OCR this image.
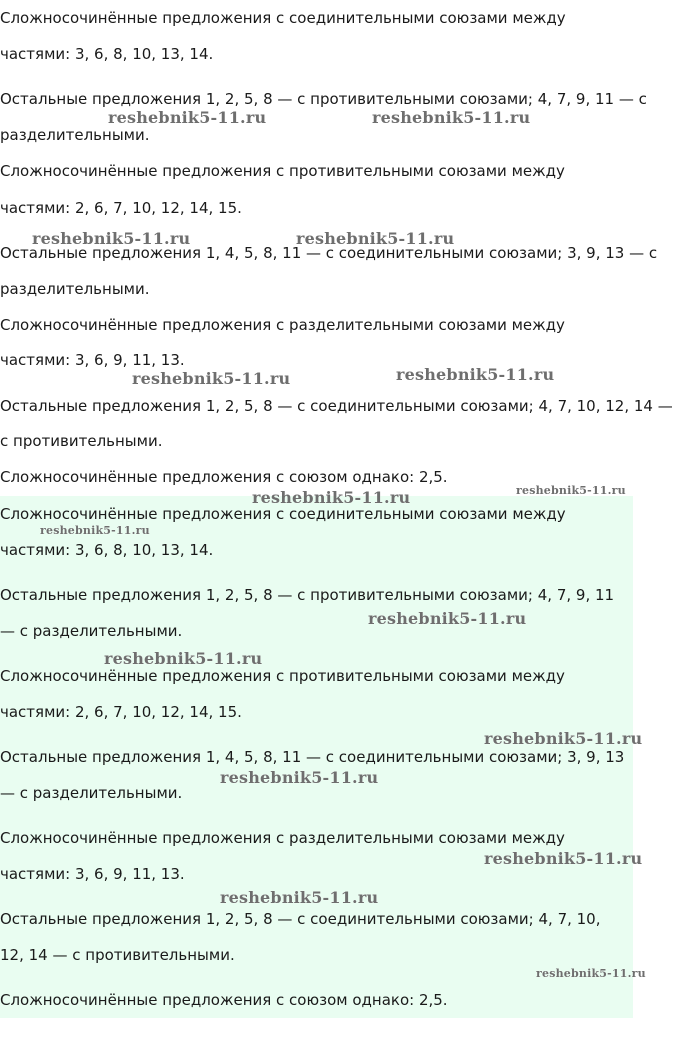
Сложносочинённые предложения с соединительными союзами между
частями: 3, 6, 8, 10, 13, 14.
Остальные предложения 1, 2, 5, 8 — с противительными союзами; 4, 7, 9, 11 — с
разделительными.
Сложносочинённые предложения с противительными союзами между
частями: 2, 6, 7, 10, 12, 14, 15.
Остальные предложения 1, 4, 5, 8, 11 — с соединительными союзами; 3, 9, 13 — с
разделительными.
Сложносочинённые предложения с разделительными союзами между
частями: 3, 6, 9, 11, 13.
Остальные предложения 1, 2, 5, 8 — с соединительными союзами; 4, 7, 10, 12, 14 —
с противительными.
Сложносочинённые предложения с союзом однако: 2,5.
Сложносочинённые предложения с соединительными союзами между
частями: 3, 6, 8, 10, 13, 14.
Остальные предложения 1, 2, 5, 8 — с противительными союзами; 4, 7, 9, 11
— с разделительными.
Сложносочинённые предложения с противительными союзами между
частями: 2, 6, 7, 10, 12, 14, 15.
Остальные предложения 1, 4, 5, 8, 11 — с соединительными союзами; 3, 9, 13
— с разделительными.
Сложносочинённые предложения с разделительными союзами между
частями: 3, 6, 9, 11, 13.
Остальные предложения 1, 2, 5, 8 — с соединительными союзами; 4, 7, 10,
12, 14 — с противительными.
Сложносочинённые предложения с союзом однако: 2,5.
reshebnik5-11.ru	reshebnik5-11.ru
reshebnik5-11.ru	reshebnik5-11.ru
reshebnik5-11.ru	reshebnik5-11.ru
reshebnik5-11.ru	reshebnik5-11.ru
reshebnik5-11.ru
reshebnik5-11.ru
reshebnik5-11.ru
reshebnik5-11.ru
reshebnik5-11.ru
reshebnik5-11.ru
reshebnik5-11.ru
reshebnik5-11.ru
